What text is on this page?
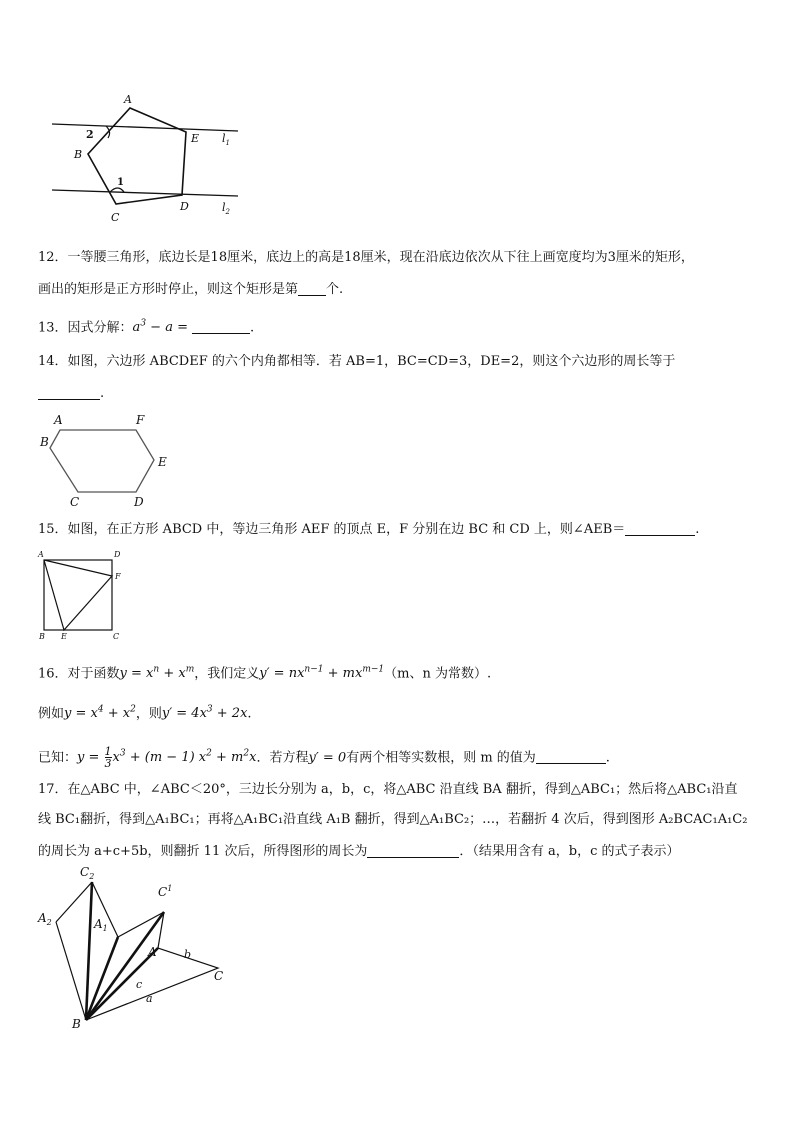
A
B
C
D
E
2
1
$l_1$
$l_2$
12．一等腰三角形，底边长是18厘米，底边上的高是18厘米，现在沿底边依次从下往上画宽度均为3厘米的矩形，
画出的矩形是正方形时停止，则这个矩形是第 个.
13．因式分解：$a^3 - a$ =	.
14．如图，六边形 ABCDEF 的六个内角都相等．若 AB=1，BC=CD=3，DE=2，则这个六边形的周长等于
.
A
B
C	D
E
F
15．如图，在正方形 ABCD 中，等边三角形 AEF 的顶点 E，F 分别在边 BC 和 CD 上，则∠AEB＝	.
A	D
F
B E	C
16．对于函数$y = x^n + x^m$，我们定义$y' = nx^{n-1} + mx^{m-1}(m$、n 为常数）.
例如$y = x^4 + x^2$，则$y' = 4x^3 + 2x$.
已知：$y = \frac{1}{3} x^3 + (m - 1) x^2 + m^2x$．若方程y′ = 0有两个相等实数根，则 m 的值为	.
17．在△ABC 中，∠ABC＜20°，三边长分别为 a，b，c，将△ABC 沿直线 BA 翻折，得到△ABC₁；然后将△ABC₁沿直
线 BC₁翻折，得到△A₁BC₁；再将△A₁BC₁沿直线 A₁B 翻折，得到△A₁BC₂；…，若翻折 4 次后，得到图形 A₂BCAC₁A₁C₂
的周长为 a+c+5b，则翻折 11 次后，所得图形的周长为	．（结果用含有 a，b，c 的式子表示）
$C_2$
$A_2$	$A_1$
$C^1$
A b
C
c
a
B
